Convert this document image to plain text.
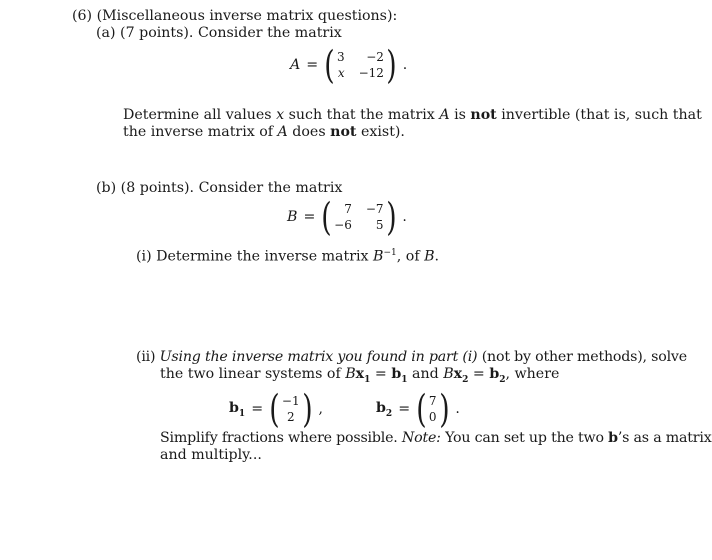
(6) (Miscellaneous inverse matrix questions):
(a) (7 points). Consider the matrix
A = ( 3	−2
x −12 ) .
Determine all values x such that the matrix A is not invertible (that is, such that
the inverse matrix of A does not exist).
(b) (8 points). Consider the matrix
B = (	7 −7
−6	5 ) .
(i) Determine the inverse matrix $B^{-1}$, of B.
(ii) Using the inverse matrix you found in part (i) (not by other methods), solve
the two linear systems of $Bx_1 = b_1$ and $Bx_2 = b_2$, where
$b_1$ = ( −1
2 ) ,	$b_2$ = ( 7
0 ) .
Simplify fractions where possible. Note: You can set up the two b’s as a matrix
and multiply...
